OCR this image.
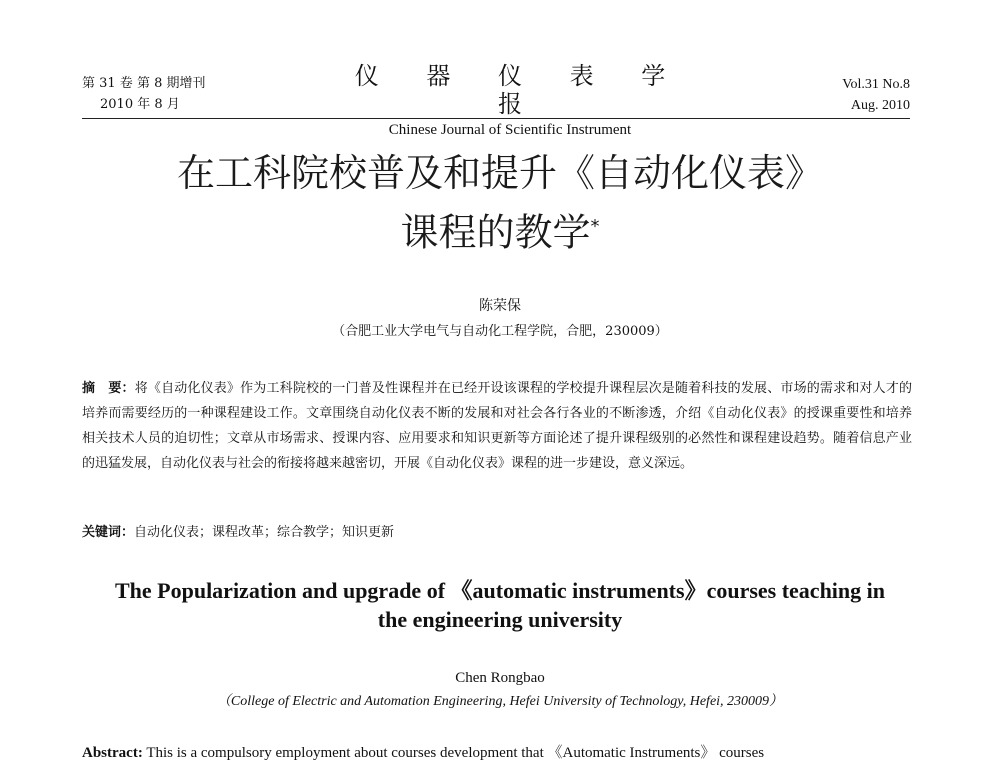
第 31 卷 第 8 期增刊
2010 年 8 月
仪 器 仪 表 学 报
Chinese Journal of Scientific Instrument
Vol.31 No.8
Aug. 2010
在工科院校普及和提升《自动化仪表》
课程的教学*
陈荣保
（合肥工业大学电气与自动化工程学院，合肥，230009）
摘　要：将《自动化仪表》作为工科院校的一门普及性课程并在已经开设该课程的学校提升课程层次是随着科技的发展、市场的需求和对人才的培养而需要经历的一种课程建设工作。文章围绕自动化仪表不断的发展和对社会各行各业的不断渗透，介绍《自动化仪表》的授课重要性和培养相关技术人员的迫切性；文章从市场需求、授课内容、应用要求和知识更新等方面论述了提升课程级别的必然性和课程建设趋势。随着信息产业的迅猛发展，自动化仪表与社会的衔接将越来越密切，开展《自动化仪表》课程的进一步建设，意义深远。
关键词：自动化仪表；课程改革；综合教学；知识更新
The Popularization and upgrade of 《automatic instruments》courses teaching in
the engineering university
Chen Rongbao
（College of Electric and Automation Engineering, Hefei University of Technology, Hefei, 230009）
Abstract: This is a compulsory employment about courses development that 《Automatic Instruments》 courses
